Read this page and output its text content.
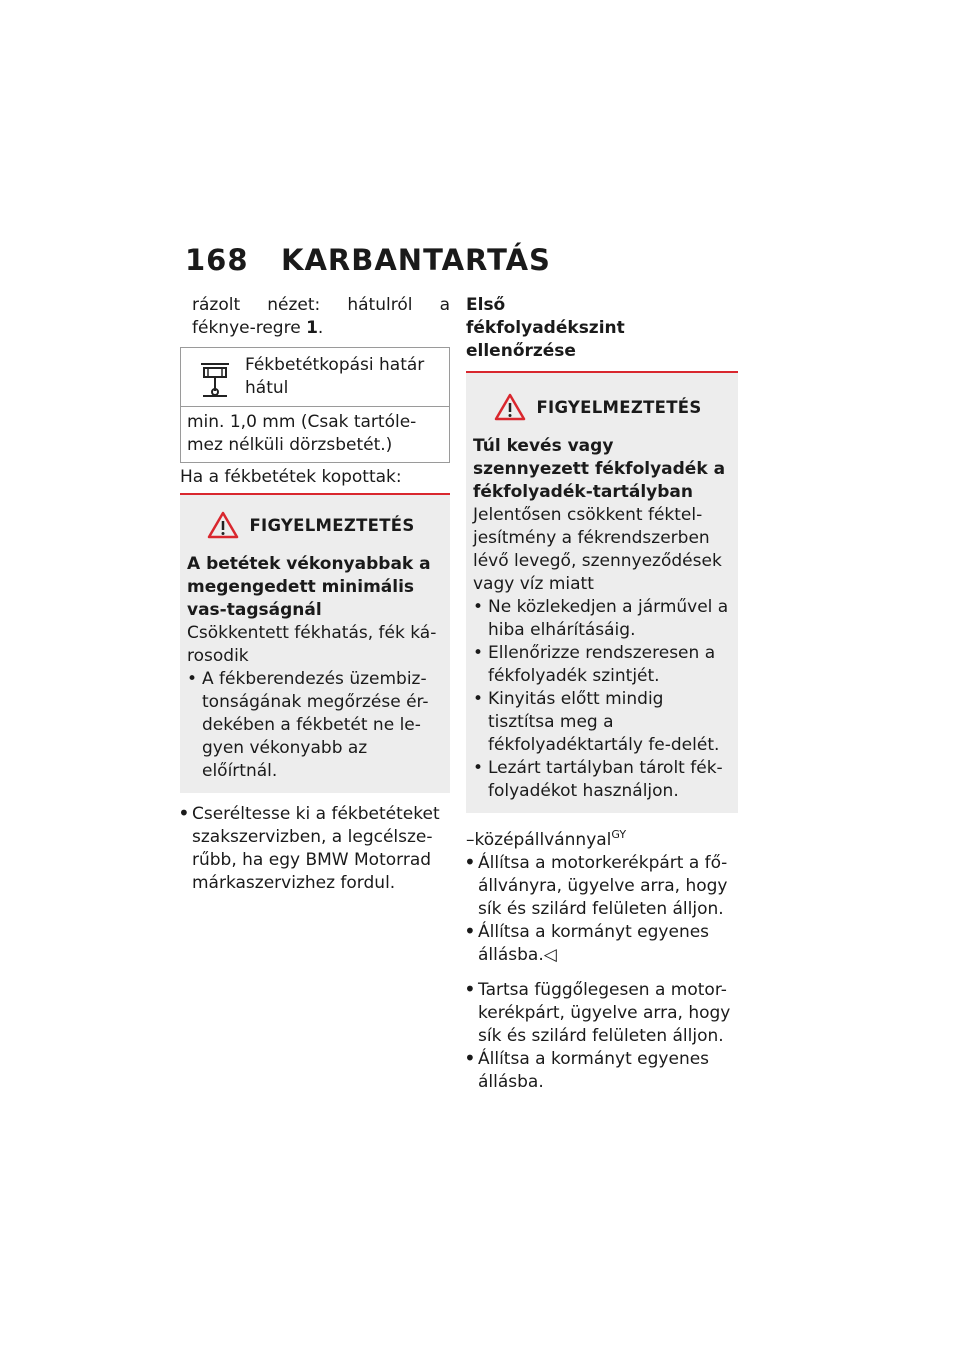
168	KARBANTARTÁS

rázolt nézet: hátulról a féknye-regre 1.

Fékbetétkopási határ hátul
min. 1,0 mm (Csak tartóle-mez nélküli dörzsbetét.)

Ha a fékbetétek kopottak:

FIGYELMEZTETÉS

A betétek vékonyabbak a megengedett minimális vas-tagságnál

Csökkentett fékhatás, fék ká-rosodik

• A fékberendezés üzembiz-tonságának megőrzése ér-dekében a fékbetét ne le-gyen vékonyabb az előírtnál.
• Cseréltesse ki a fékbetéteket szakszervizben, a legcélsze-rűbb, ha egy BMW Motorrad márkaszervizhez fordul.

Első fékfolyadékszint ellenőrzése

FIGYELMEZTETÉS

Túl kevés vagy szennyezett fékfolyadék a fékfolyadék-tartályban

Jelentősen csökkent féktel-jesítmény a fékrendszerben lévő levegő, szennyeződések vagy víz miatt

• Ne közlekedjen a járművel a hiba elhárításáig.
• Ellenőrizze rendszeresen a fékfolyadék szintjét.
• Kinyitás előtt mindig tisztítsa meg a fékfolyadéktartály fe-delét.
• Lezárt tartályban tárolt fék-folyadékot használjon.

–középállvánnyal$^{GY}$

• Állítsa a motorkerékpárt a fő-állványra, ügyelve arra, hogy sík és szilárd felületen álljon.
• Állítsa a kormányt egyenes állásba.◁
• Tartsa függőlegesen a motor-kerékpárt, ügyelve arra, hogy sík és szilárd felületen álljon.
• Állítsa a kormányt egyenes állásba.
